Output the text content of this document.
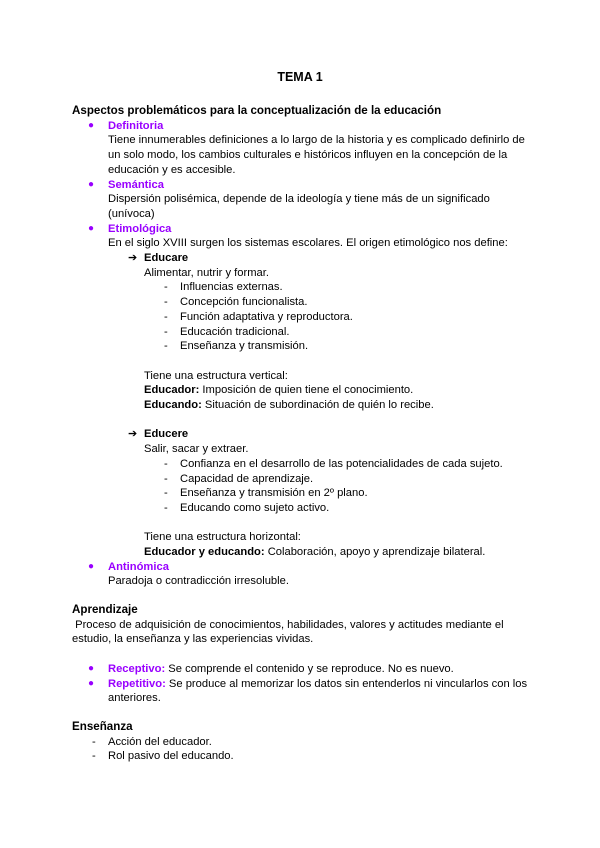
TEMA 1
Aspectos problemáticos para la conceptualización de la educación
● Definitoria
Tiene innumerables definiciones a lo largo de la historia y es complicado definirlo de
un solo modo, los cambios culturales e históricos influyen en la concepción de la
educación y es accesible.
● Semántica
Dispersión polisémica, depende de la ideología y tiene más de un significado
(unívoca)
● Etimológica
En el siglo XVIII surgen los sistemas escolares. El origen etimológico nos define:
➔ Educare
Alimentar, nutrir y formar.
- Influencias externas.
- Concepción funcionalista.
- Función adaptativa y reproductora.
- Educación tradicional.
- Enseñanza y transmisión.
Tiene una estructura vertical:
Educador: Imposición de quien tiene el conocimiento.
Educando: Situación de subordinación de quién lo recibe.
➔ Educere
Salir, sacar y extraer.
- Confianza en el desarrollo de las potencialidades de cada sujeto.
- Capacidad de aprendizaje.
- Enseñanza y transmisión en 2º plano.
- Educando como sujeto activo.
Tiene una estructura horizontal:
Educador y educando: Colaboración, apoyo y aprendizaje bilateral.
● Antinómica
Paradoja o contradicción irresoluble.
Aprendizaje
Proceso de adquisición de conocimientos, habilidades, valores y actitudes mediante el
estudio, la enseñanza y las experiencias vividas.
● Receptivo: Se comprende el contenido y se reproduce. No es nuevo.
● Repetitivo: Se produce al memorizar los datos sin entenderlos ni vincularlos con los
anteriores.
Enseñanza
- Acción del educador.
- Rol pasivo del educando.
